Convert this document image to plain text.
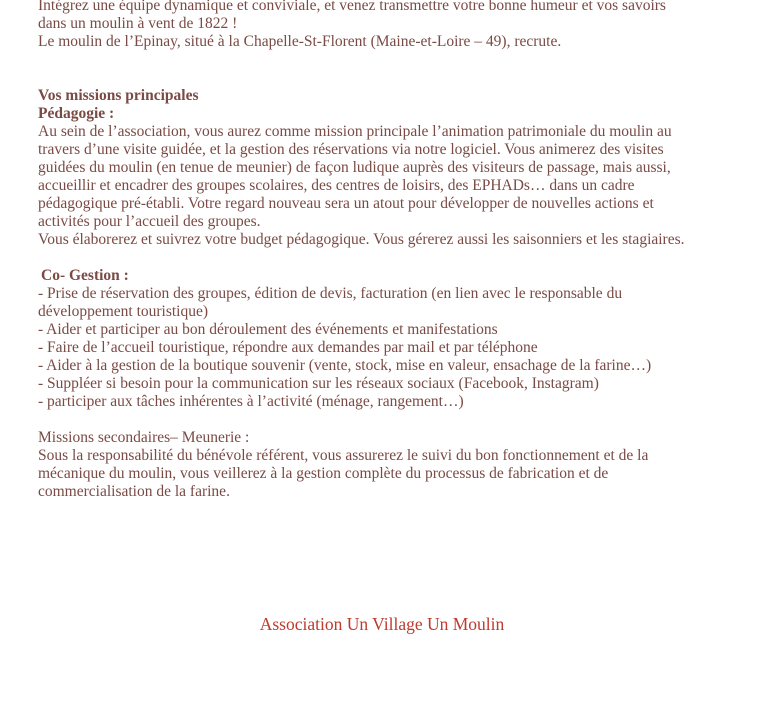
Intégrez une équipe dynamique et conviviale, et venez transmettre votre bonne humeur et vos savoirs
dans un moulin à vent de 1822 !
Le moulin de l’Epinay, situé à la Chapelle-St-Florent (Maine-et-Loire – 49), recrute.
Vos missions principales
Pédagogie :
Au sein de l’association, vous aurez comme mission principale l’animation patrimoniale du moulin au
travers d’une visite guidée, et la gestion des réservations via notre logiciel. Vous animerez des visites
guidées du moulin (en tenue de meunier) de façon ludique auprès des visiteurs de passage, mais aussi,
accueillir et encadrer des groupes scolaires, des centres de loisirs, des EPHADs… dans un cadre
pédagogique pré-établi. Votre regard nouveau sera un atout pour développer de nouvelles actions et
activités pour l’accueil des groupes.
Vous élaborerez et suivrez votre budget pédagogique. Vous gérerez aussi les saisonniers et les stagiaires.
Co- Gestion :
- Prise de réservation des groupes, édition de devis, facturation (en lien avec le responsable du
développement touristique)
- Aider et participer au bon déroulement des événements et manifestations
- Faire de l’accueil touristique, répondre aux demandes par mail et par téléphone
- Aider à la gestion de la boutique souvenir (vente, stock, mise en valeur, ensachage de la farine…)
- Suppléer si besoin pour la communication sur les réseaux sociaux (Facebook, Instagram)
- participer aux tâches inhérentes à l’activité (ménage, rangement…)
Missions secondaires– Meunerie :
Sous la responsabilité du bénévole référent, vous assurerez le suivi du bon fonctionnement et de la
mécanique du moulin, vous veillerez à la gestion complète du processus de fabrication et de
commercialisation de la farine.
Association Un Village Un Moulin
